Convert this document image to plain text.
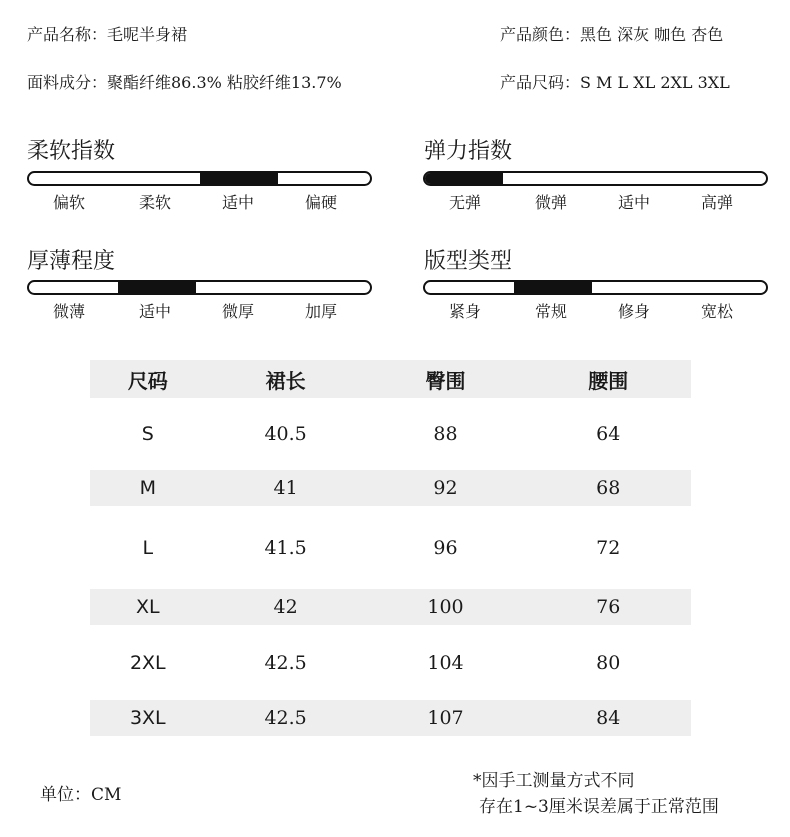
产品名称：毛呢半身裙	产品颜色：黑色 深灰 咖色 杏色
面料成分：聚酯纤维86.3% 粘胶纤维13.7%	产品尺码：S M L XL 2XL 3XL
柔软指数
偏软	柔软	适中	偏硬
弹力指数
无弹	微弹	适中	高弹
厚薄程度
微薄	适中	微厚	加厚
版型类型
紧身	常规	修身	宽松
尺码	裙长	臀围	腰围
S	40.5	88	64
M	41	92	68
L	41.5	96	72
XL	42	100	76
2XL	42.5	104	80
3XL	42.5	107	84
单位：CM
*因手工测量方式不同
存在1~3厘米误差属于正常范围
